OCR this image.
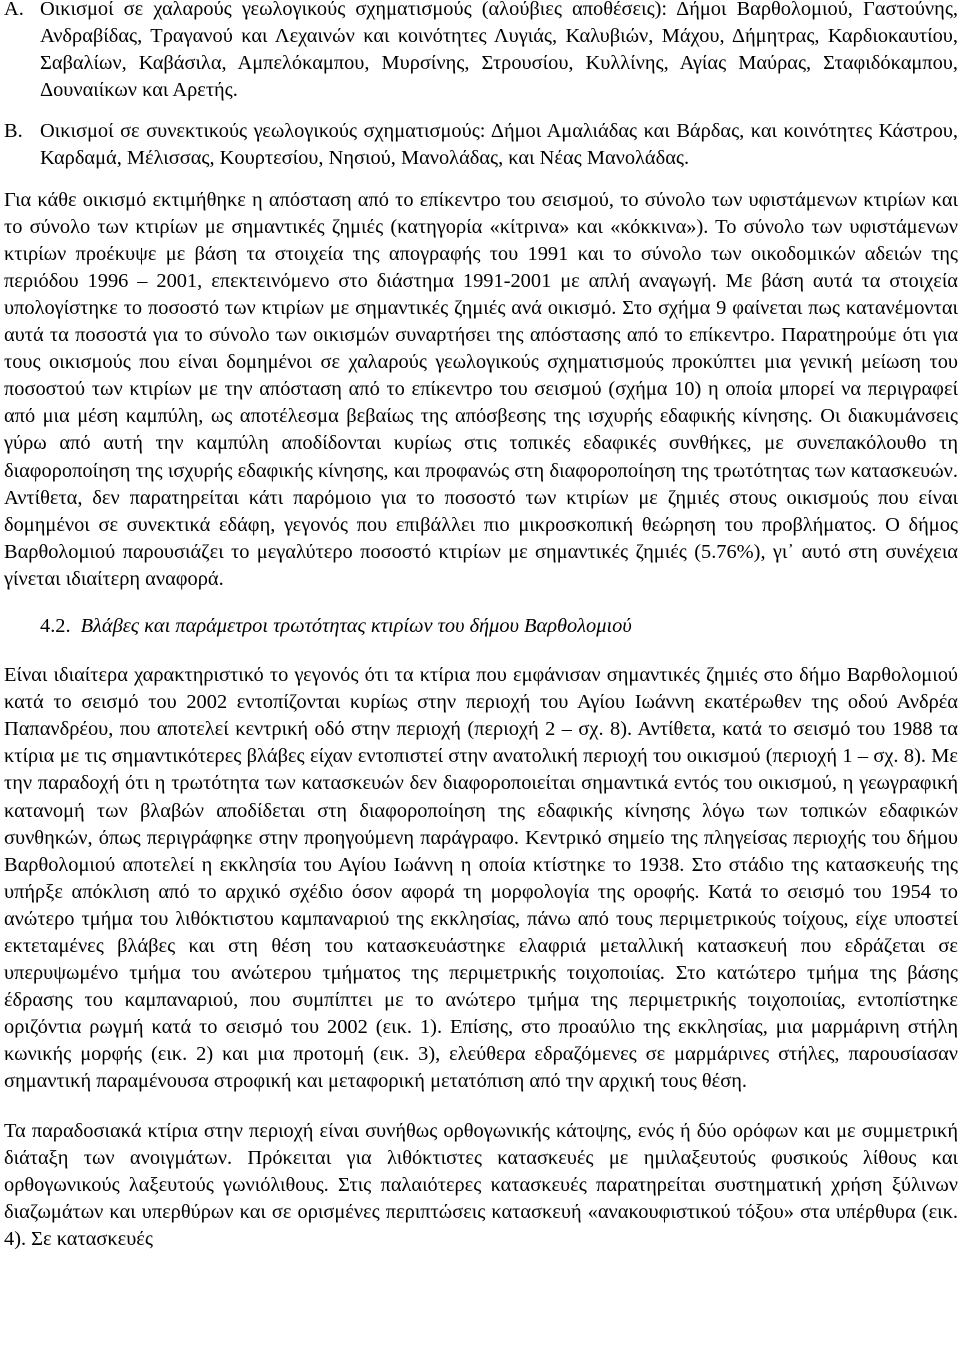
Α. Οικισμοί σε χαλαρούς γεωλογικούς σχηματισμούς (αλούβιες αποθέσεις): Δήμοι Βαρθολομιού, Γαστούνης, Ανδραβίδας, Τραγανού και Λεχαινών και κοινότητες Λυγιάς, Καλυβιών, Μάχου, Δήμητρας, Καρδιοκαυτίου, Σαβαλίων, Καβάσιλα, Αμπελόκαμπου, Μυρσίνης, Στρουσίου, Κυλλίνης, Αγίας Μαύρας, Σταφιδόκαμπου, Δουναιίκων και Αρετής.
Β. Οικισμοί σε συνεκτικούς γεωλογικούς σχηματισμούς: Δήμοι Αμαλιάδας και Βάρδας, και κοινότητες Κάστρου, Καρδαμά, Μέλισσας, Κουρτεσίου, Νησιού, Μανολάδας, και Νέας Μανολάδας.

Για κάθε οικισμό εκτιμήθηκε η απόσταση από το επίκεντρο του σεισμού, το σύνολο των υφιστάμενων κτιρίων και το σύνολο των κτιρίων με σημαντικές ζημιές (κατηγορία «κίτρινα» και «κόκκινα»). Το σύνολο των υφιστάμενων κτιρίων προέκυψε με βάση τα στοιχεία της απογραφής του 1991 και το σύνολο των οικοδομικών αδειών της περιόδου 1996 – 2001, επεκτεινόμενο στο διάστημα 1991-2001 με απλή αναγωγή. Με βάση αυτά τα στοιχεία υπολογίστηκε το ποσοστό των κτιρίων με σημαντικές ζημιές ανά οικισμό. Στο σχήμα 9 φαίνεται πως κατανέμονται αυτά τα ποσοστά για το σύνολο των οικισμών συναρτήσει της απόστασης από το επίκεντρο. Παρατηρούμε ότι για τους οικισμούς που είναι δομημένοι σε χαλαρούς γεωλογικούς σχηματισμούς προκύπτει μια γενική μείωση του ποσοστού των κτιρίων με την απόσταση από το επίκεντρο του σεισμού (σχήμα 10) η οποία μπορεί να περιγραφεί από μια μέση καμπύλη, ως αποτέλεσμα βεβαίως της απόσβεσης της ισχυρής εδαφικής κίνησης. Οι διακυμάνσεις γύρω από αυτή την καμπύλη αποδίδονται κυρίως στις τοπικές εδαφικές συνθήκες, με συνεπακόλουθο τη διαφοροποίηση της ισχυρής εδαφικής κίνησης, και προφανώς στη διαφοροποίηση της τρωτότητας των κατασκευών. Αντίθετα, δεν παρατηρείται κάτι παρόμοιο για το ποσοστό των κτιρίων με ζημιές στους οικισμούς που είναι δομημένοι σε συνεκτικά εδάφη, γεγονός που επιβάλλει πιο μικροσκοπική θεώρηση του προβλήματος. Ο δήμος Βαρθολομιού παρουσιάζει το μεγαλύτερο ποσοστό κτιρίων με σημαντικές ζημιές (5.76%), γι᾽ αυτό στη συνέχεια γίνεται ιδιαίτερη αναφορά.

4.2. Βλάβες και παράμετροι τρωτότητας κτιρίων του δήμου Βαρθολομιού

Είναι ιδιαίτερα χαρακτηριστικό το γεγονός ότι τα κτίρια που εμφάνισαν σημαντικές ζημιές στο δήμο Βαρθολομιού κατά το σεισμό του 2002 εντοπίζονται κυρίως στην περιοχή του Αγίου Ιωάννη εκατέρωθεν της οδού Ανδρέα Παπανδρέου, που αποτελεί κεντρική οδό στην περιοχή (περιοχή 2 – σχ. 8). Αντίθετα, κατά το σεισμό του 1988 τα κτίρια με τις σημαντικότερες βλάβες είχαν εντοπιστεί στην ανατολική περιοχή του οικισμού (περιοχή 1 – σχ. 8). Με την παραδοχή ότι η τρωτότητα των κατασκευών δεν διαφοροποιείται σημαντικά εντός του οικισμού, η γεωγραφική κατανομή των βλαβών αποδίδεται στη διαφοροποίηση της εδαφικής κίνησης λόγω των τοπικών εδαφικών συνθηκών, όπως περιγράφηκε στην προηγούμενη παράγραφο. Κεντρικό σημείο της πληγείσας περιοχής του δήμου Βαρθολομιού αποτελεί η εκκλησία του Αγίου Ιωάννη η οποία κτίστηκε το 1938. Στο στάδιο της κατασκευής της υπήρξε απόκλιση από το αρχικό σχέδιο όσον αφορά τη μορφολογία της οροφής. Κατά το σεισμό του 1954 το ανώτερο τμήμα του λιθόκτιστου καμπαναριού της εκκλησίας, πάνω από τους περιμετρικούς τοίχους, είχε υποστεί εκτεταμένες βλάβες και στη θέση του κατασκευάστηκε ελαφριά μεταλλική κατασκευή που εδράζεται σε υπερυψωμένο τμήμα του ανώτερου τμήματος της περιμετρικής τοιχοποιίας. Στο κατώτερο τμήμα της βάσης έδρασης του καμπαναριού, που συμπίπτει με το ανώτερο τμήμα της περιμετρικής τοιχοποιίας, εντοπίστηκε οριζόντια ρωγμή κατά το σεισμό του 2002 (εικ. 1). Επίσης, στο προαύλιο της εκκλησίας, μια μαρμάρινη στήλη κωνικής μορφής (εικ. 2) και μια προτομή (εικ. 3), ελεύθερα εδραζόμενες σε μαρμάρινες στήλες, παρουσίασαν σημαντική παραμένουσα στροφική και μεταφορική μετατόπιση από την αρχική τους θέση.

Τα παραδοσιακά κτίρια στην περιοχή είναι συνήθως ορθογωνικής κάτοψης, ενός ή δύο ορόφων και με συμμετρική διάταξη των ανοιγμάτων. Πρόκειται για λιθόκτιστες κατασκευές με ημιλαξευτούς φυσικούς λίθους και ορθογωνικούς λαξευτούς γωνιόλιθους. Στις παλαιότερες κατασκευές παρατηρείται συστηματική χρήση ξύλινων διαζωμάτων και υπερθύρων και σε ορισμένες περιπτώσεις κατασκευή «ανακουφιστικού τόξου» στα υπέρθυρα (εικ. 4). Σε κατασκευές
